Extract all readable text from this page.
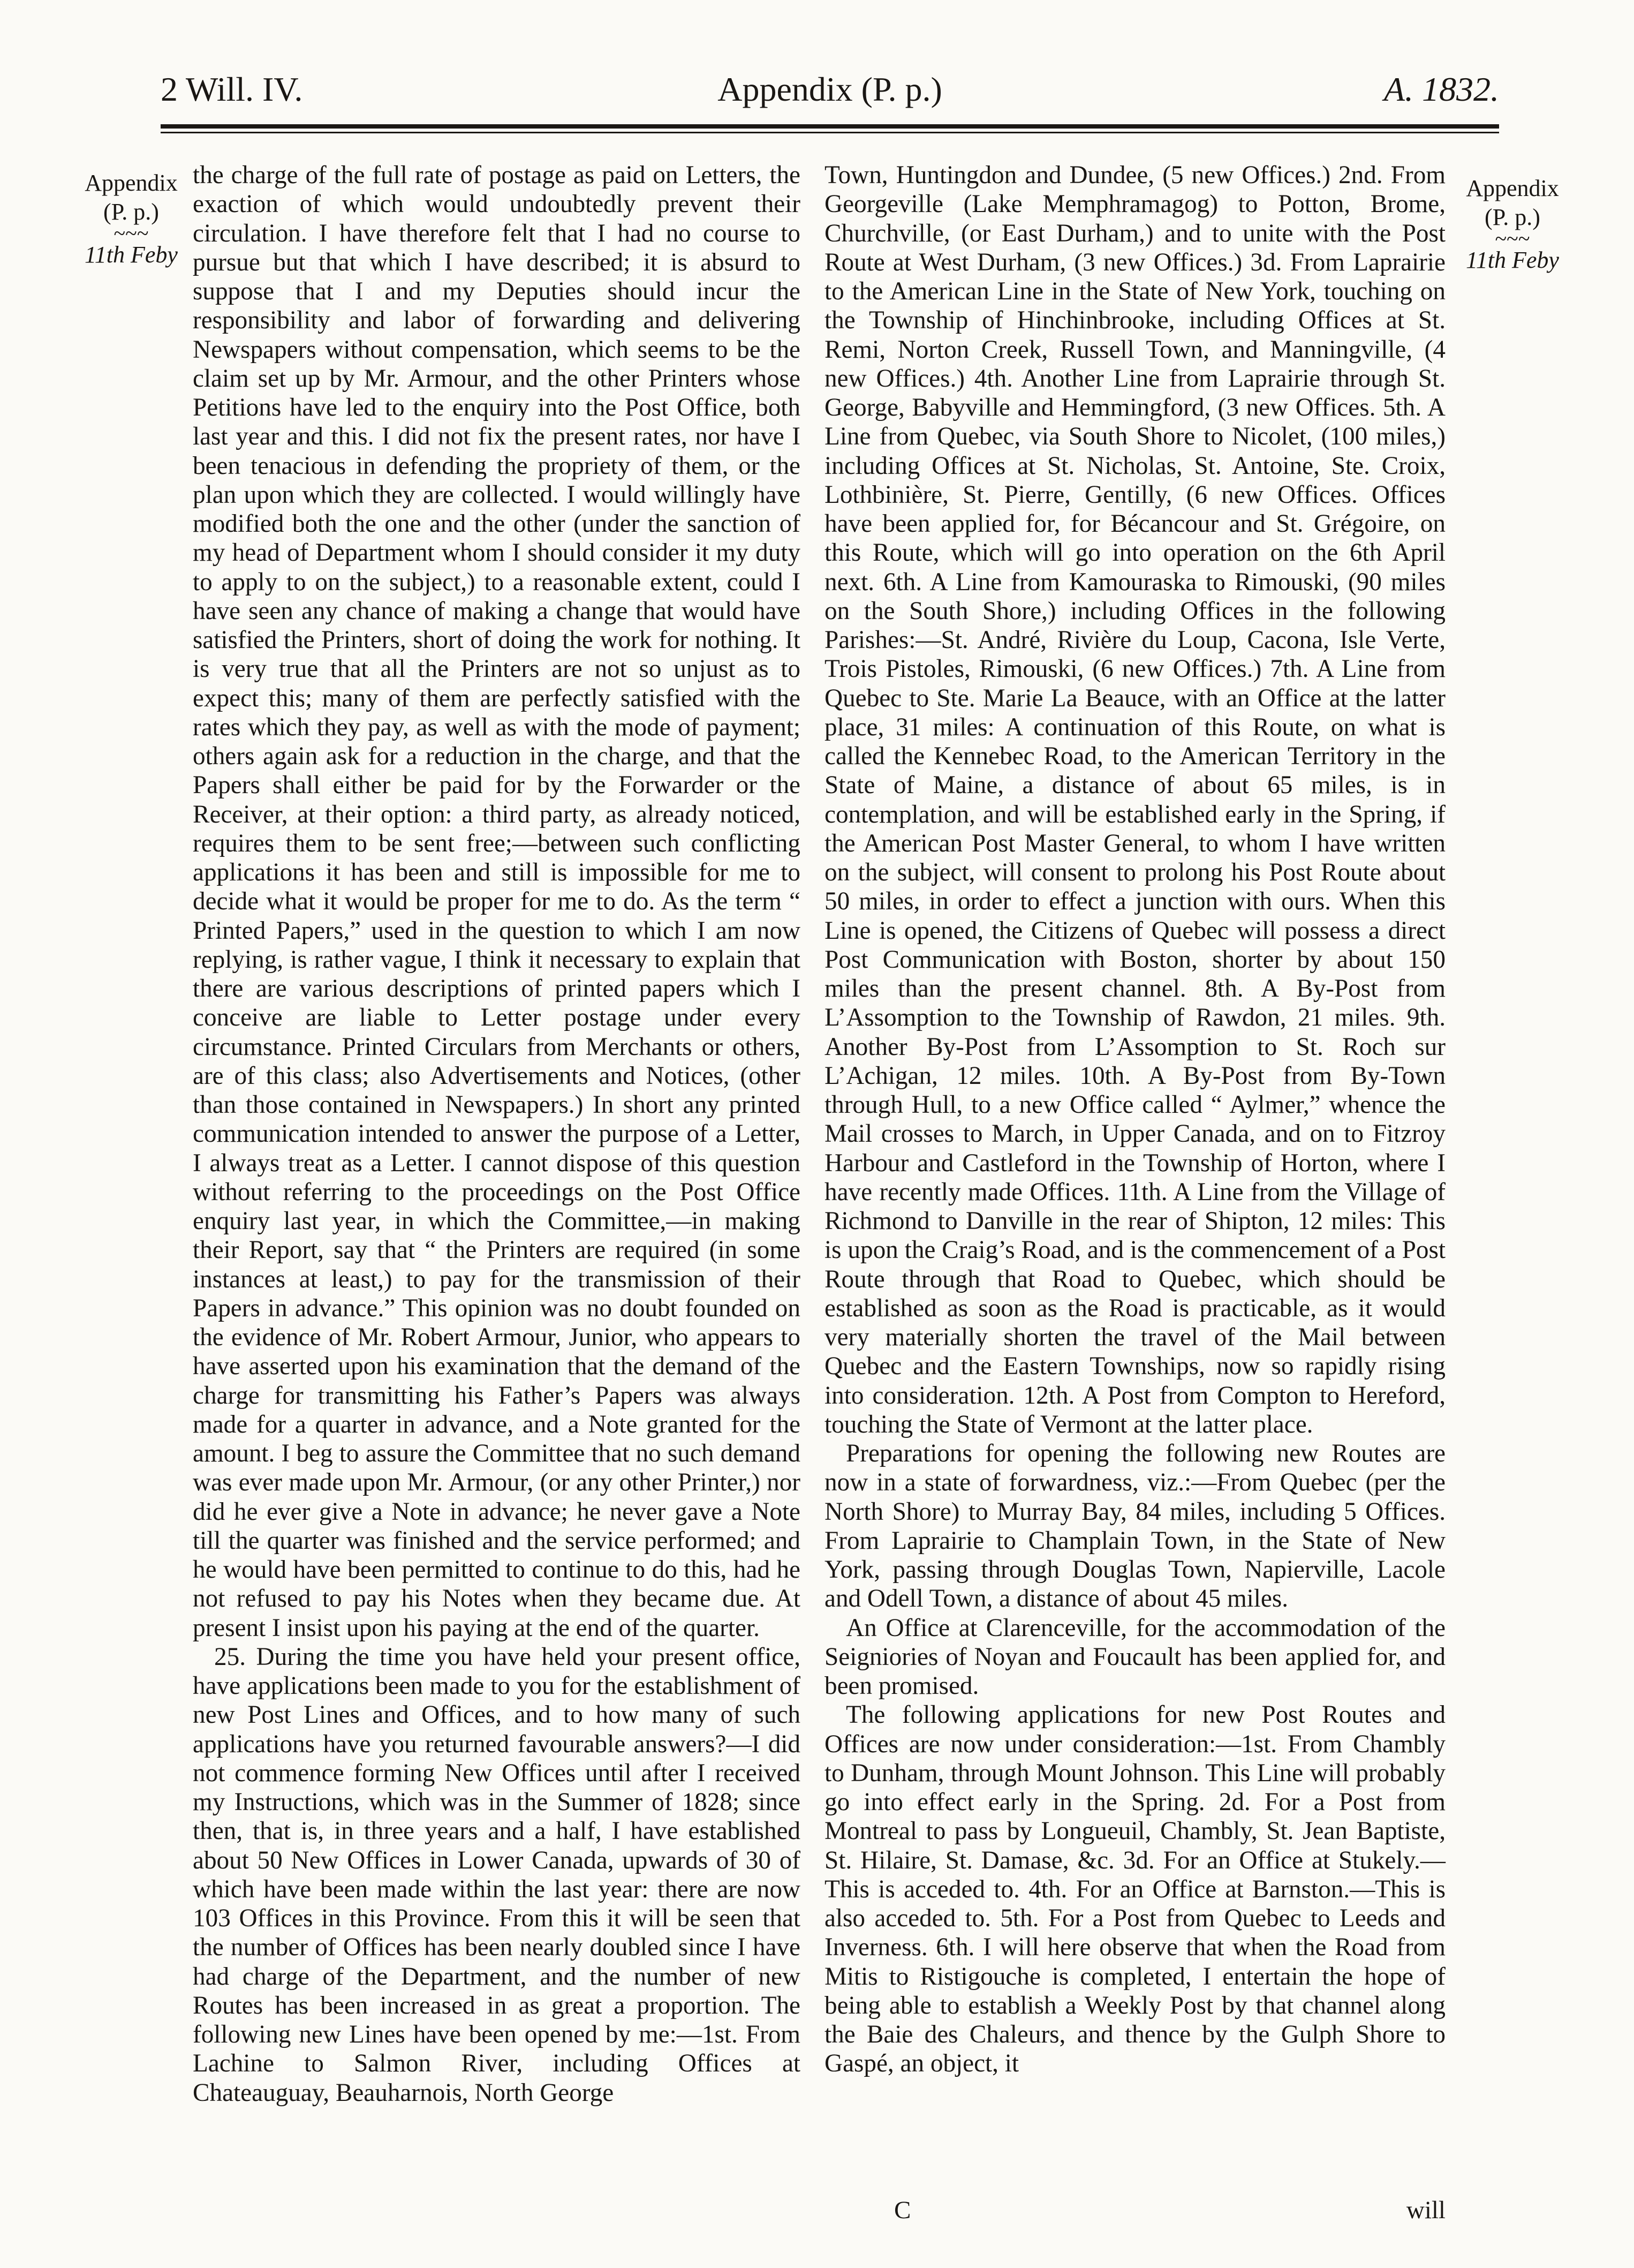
2 Will. IV.	Appendix (P. p.)	A. 1832.
Appendix
(P. p.)
~~~
11th Feby
Appendix
(P. p.)
~~~
11th Feby

the charge of the full rate of postage as paid on Letters, the exaction of which would undoubtedly prevent their circulation. I have therefore felt that I had no course to pursue but that which I have described; it is absurd to suppose that I and my Deputies should incur the responsibility and labor of forwarding and delivering Newspapers without compensation, which seems to be the claim set up by Mr. Armour, and the other Printers whose Petitions have led to the enquiry into the Post Office, both last year and this. I did not fix the present rates, nor have I been tenacious in defending the propriety of them, or the plan upon which they are collected. I would willingly have modified both the one and the other (under the sanction of my head of Department whom I should consider it my duty to apply to on the subject,) to a reasonable extent, could I have seen any chance of making a change that would have satisfied the Printers, short of doing the work for nothing. It is very true that all the Printers are not so unjust as to expect this; many of them are perfectly satisfied with the rates which they pay, as well as with the mode of payment; others again ask for a reduction in the charge, and that the Papers shall either be paid for by the Forwarder or the Receiver, at their option: a third party, as already noticed, requires them to be sent free;—between such conflicting applications it has been and still is impossible for me to decide what it would be proper for me to do. As the term “ Printed Papers,” used in the question to which I am now replying, is rather vague, I think it necessary to explain that there are various descriptions of printed papers which I conceive are liable to Letter postage under every circumstance. Printed Circulars from Merchants or others, are of this class; also Advertisements and Notices, (other than those contained in Newspapers.) In short any printed communication intended to answer the purpose of a Letter, I always treat as a Letter. I cannot dispose of this question without referring to the proceedings on the Post Office enquiry last year, in which the Committee,—in making their Report, say that “ the Printers are required (in some instances at least,) to pay for the transmission of their Papers in advance.” This opinion was no doubt founded on the evidence of Mr. Robert Armour, Junior, who appears to have asserted upon his examination that the demand of the charge for transmitting his Father’s Papers was always made for a quarter in advance, and a Note granted for the amount. I beg to assure the Committee that no such demand was ever made upon Mr. Armour, (or any other Printer,) nor did he ever give a Note in advance; he never gave a Note till the quarter was finished and the service performed; and he would have been permitted to continue to do this, had he not refused to pay his Notes when they became due. At present I insist upon his paying at the end of the quarter.

25. During the time you have held your present office, have applications been made to you for the establishment of new Post Lines and Offices, and to how many of such applications have you returned favourable answers?—I did not commence forming New Offices until after I received my Instructions, which was in the Summer of 1828; since then, that is, in three years and a half, I have established about 50 New Offices in Lower Canada, upwards of 30 of which have been made within the last year: there are now 103 Offices in this Province. From this it will be seen that the number of Offices has been nearly doubled since I have had charge of the Department, and the number of new Routes has been increased in as great a proportion. The following new Lines have been opened by me:—1st. From Lachine to Salmon River, including Offices at Chateauguay, Beauharnois, North George

Town, Huntingdon and Dundee, (5 new Offices.) 2nd. From Georgeville (Lake Memphramagog) to Potton, Brome, Churchville, (or East Durham,) and to unite with the Post Route at West Durham, (3 new Offices.) 3d. From Laprairie to the American Line in the State of New York, touching on the Township of Hinchinbrooke, including Offices at St. Remi, Norton Creek, Russell Town, and Manningville, (4 new Offices.) 4th. Another Line from Laprairie through St. George, Babyville and Hemmingford, (3 new Offices. 5th. A Line from Quebec, via South Shore to Nicolet, (100 miles,) including Offices at St. Nicholas, St. Antoine, Ste. Croix, Lothbinière, St. Pierre, Gentilly, (6 new Offices. Offices have been applied for, for Bécancour and St. Grégoire, on this Route, which will go into operation on the 6th April next. 6th. A Line from Kamouraska to Rimouski, (90 miles on the South Shore,) including Offices in the following Parishes:—St. André, Rivière du Loup, Cacona, Isle Verte, Trois Pistoles, Rimouski, (6 new Offices.) 7th. A Line from Quebec to Ste. Marie La Beauce, with an Office at the latter place, 31 miles: A continuation of this Route, on what is called the Kennebec Road, to the American Territory in the State of Maine, a distance of about 65 miles, is in contemplation, and will be established early in the Spring, if the American Post Master General, to whom I have written on the subject, will consent to prolong his Post Route about 50 miles, in order to effect a junction with ours. When this Line is opened, the Citizens of Quebec will possess a direct Post Communication with Boston, shorter by about 150 miles than the present channel. 8th. A By-Post from L’Assomption to the Township of Rawdon, 21 miles. 9th. Another By-Post from L’Assomption to St. Roch sur L’Achigan, 12 miles. 10th. A By-Post from By-Town through Hull, to a new Office called “ Aylmer,” whence the Mail crosses to March, in Upper Canada, and on to Fitzroy Harbour and Castleford in the Township of Horton, where I have recently made Offices. 11th. A Line from the Village of Richmond to Danville in the rear of Shipton, 12 miles: This is upon the Craig’s Road, and is the commencement of a Post Route through that Road to Quebec, which should be established as soon as the Road is practicable, as it would very materially shorten the travel of the Mail between Quebec and the Eastern Townships, now so rapidly rising into consideration. 12th. A Post from Compton to Hereford, touching the State of Vermont at the latter place.

Preparations for opening the following new Routes are now in a state of forwardness, viz.:—From Quebec (per the North Shore) to Murray Bay, 84 miles, including 5 Offices. From Laprairie to Champlain Town, in the State of New York, passing through Douglas Town, Napierville, Lacole and Odell Town, a distance of about 45 miles.

An Office at Clarenceville, for the accommodation of the Seigniories of Noyan and Foucault has been applied for, and been promised.

The following applications for new Post Routes and Offices are now under consideration:—1st. From Chambly to Dunham, through Mount Johnson. This Line will probably go into effect early in the Spring. 2d. For a Post from Montreal to pass by Longueuil, Chambly, St. Jean Baptiste, St. Hilaire, St. Damase, &c. 3d. For an Office at Stukely.—This is acceded to. 4th. For an Office at Barnston.—This is also acceded to. 5th. For a Post from Quebec to Leeds and Inverness. 6th. I will here observe that when the Road from Mitis to Ristigouche is completed, I entertain the hope of being able to establish a Weekly Post by that channel along the Baie des Chaleurs, and thence by the Gulph Shore to Gaspé, an object, it

C	will
